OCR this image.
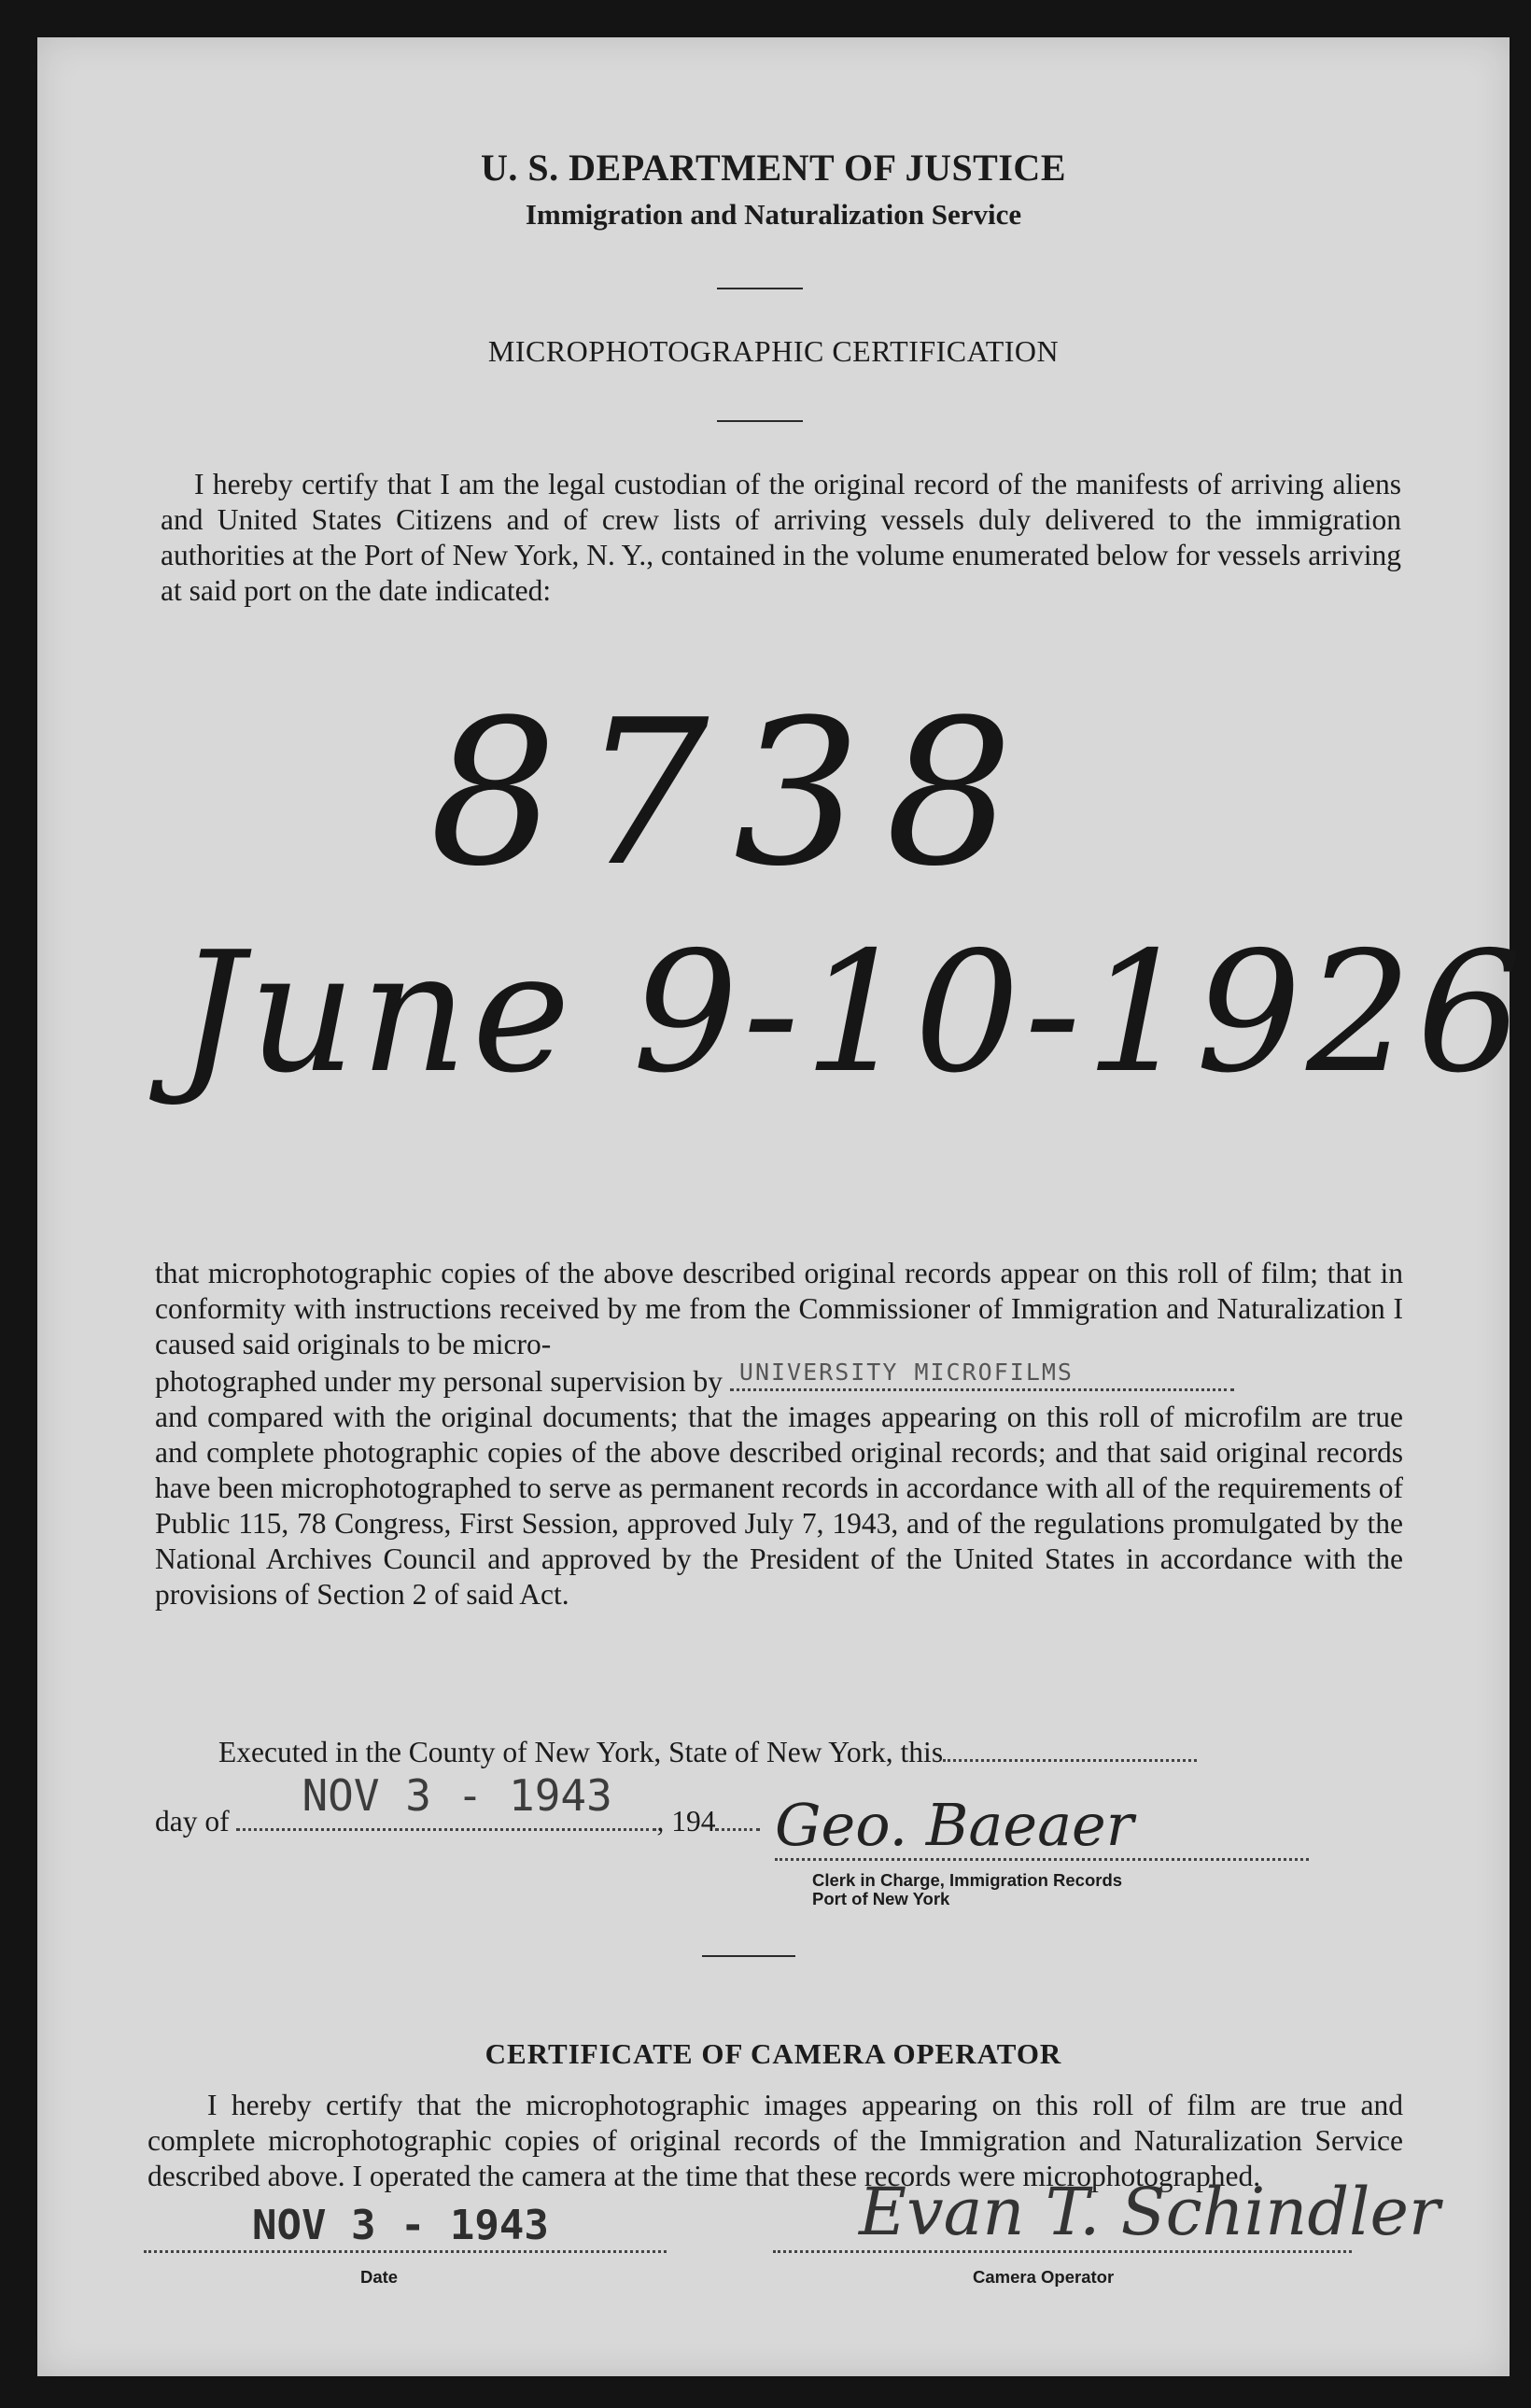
U. S. DEPARTMENT OF JUSTICE
Immigration and Naturalization Service
MICROPHOTOGRAPHIC CERTIFICATION
I hereby certify that I am the legal custodian of the original record of the manifests of arriving aliens and United States Citizens and of crew lists of arriving vessels duly delivered to the immigration authorities at the Port of New York, N. Y., contained in the volume enumerated below for vessels arriving at said port on the date indicated:
8738
June 9-10-1926
that microphotographic copies of the above described original records appear on this roll of film; that in conformity with instructions received by me from the Commissioner of Immigration and Naturalization I caused said originals to be micro-
photographed under my personal supervision by UNIVERSITY MICROFILMS
and compared with the original documents; that the images appearing on this roll of microfilm are true and complete photographic copies of the above described original records; and that said original records have been microphotographed to serve as permanent records in accordance with all of the requirements of Public 115, 78 Congress, First Session, approved July 7, 1943, and of the regulations promulgated by the National Archives Council and approved by the President of the United States in accordance with the provisions of Section 2 of said Act.
Executed in the County of New York, State of New York, this
day of
NOV 3 - 1943
, 194	Geo. Baeaer
Clerk in Charge, Immigration Records
Port of New York
CERTIFICATE OF CAMERA OPERATOR
I hereby certify that the microphotographic images appearing on this roll of film are true and complete microphotographic copies of original records of the Immigration and Naturalization Service described above. I operated the camera at the time that these records were microphotographed.
NOV 3 - 1943
Date
Evan T. Schindler
Camera Operator
